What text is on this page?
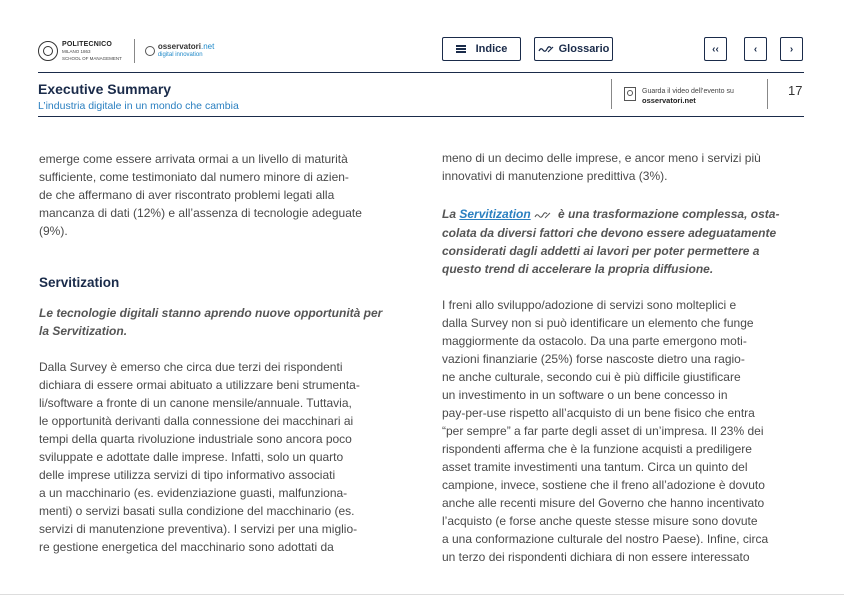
POLITECNICO
MILANO 1863
SCHOOL OF MANAGEMENT
osservatori.net
digital innovation	Indice	Glossario	‹‹	‹	›
Executive Summary
L’industria digitale in un mondo che cambia
Guarda il video dell’evento su
osservatori.net
17

emerge come essere arrivata ormai a un livello di maturità
sufficiente, come testimoniato dal numero minore di azien-
de che affermano di aver riscontrato problemi legati alla
mancanza di dati (12%) e all’assenza di tecnologie adeguate
(9%).

Servitization

Le tecnologie digitali stanno aprendo nuove opportunità per
la Servitization.

Dalla Survey è emerso che circa due terzi dei rispondenti
dichiara di essere ormai abituato a utilizzare beni strumenta-
li/software a fronte di un canone mensile/annuale. Tuttavia,
le opportunità derivanti dalla connessione dei macchinari ai
tempi della quarta rivoluzione industriale sono ancora poco
sviluppate e adottate dalle imprese. Infatti, solo un quarto
delle imprese utilizza servizi di tipo informativo associati
a un macchinario (es. evidenziazione guasti, malfunziona-
menti) o servizi basati sulla condizione del macchinario (es.
servizi di manutenzione preventiva). I servizi per una miglio-
re gestione energetica del macchinario sono adottati da

meno di un decimo delle imprese, e ancor meno i servizi più
innovativi di manutenzione predittiva (3%).

La Servitization è una trasformazione complessa, osta-
colata da diversi fattori che devono essere adeguatamente
considerati dagli addetti ai lavori per poter permettere a
questo trend di accelerare la propria diffusione.

I freni allo sviluppo/adozione di servizi sono molteplici e
dalla Survey non si può identificare un elemento che funge
maggiormente da ostacolo. Da una parte emergono moti-
vazioni finanziarie (25%) forse nascoste dietro una ragio-
ne anche culturale, secondo cui è più difficile giustificare
un investimento in un software o un bene concesso in
pay-per-use rispetto all’acquisto di un bene fisico che entra
“per sempre” a far parte degli asset di un’impresa. Il 23% dei
rispondenti afferma che è la funzione acquisti a prediligere
asset tramite investimenti una tantum. Circa un quinto del
campione, invece, sostiene che il freno all’adozione è dovuto
anche alle recenti misure del Governo che hanno incentivato
l’acquisto (e forse anche queste stesse misure sono dovute
a una conformazione culturale del nostro Paese). Infine, circa
un terzo dei rispondenti dichiara di non essere interessato
